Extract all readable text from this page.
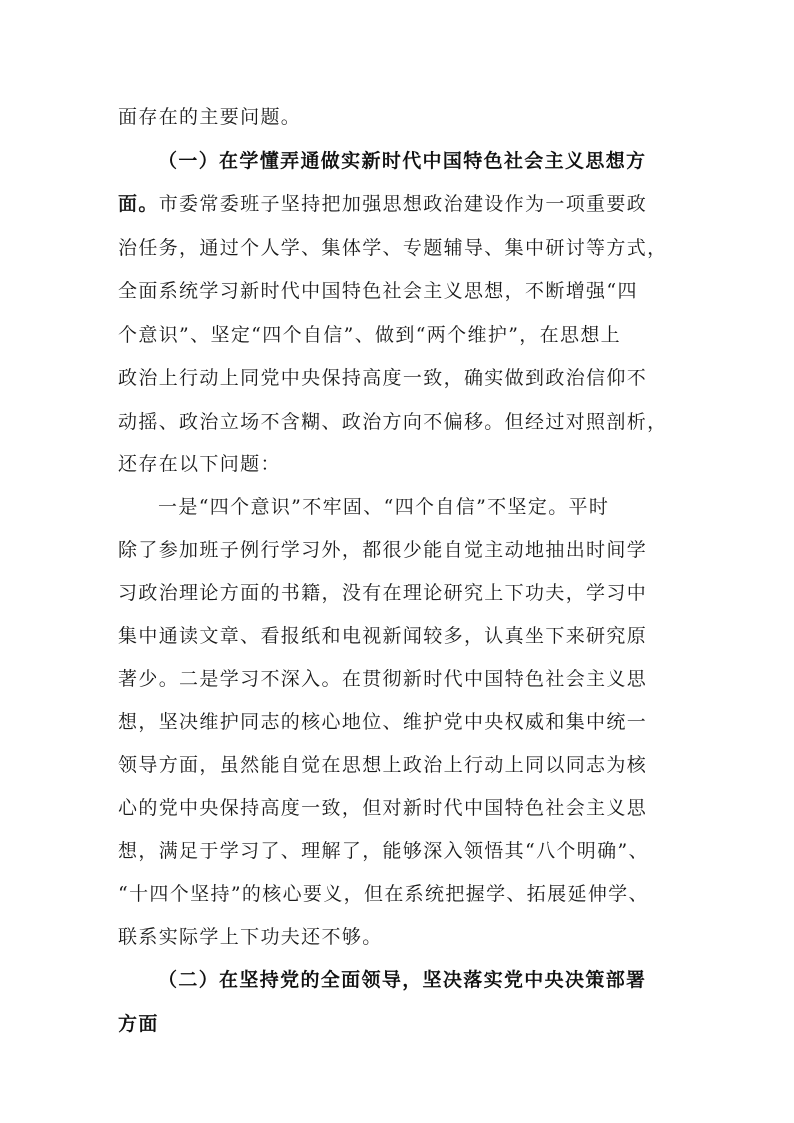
面存在的主要问题。
（一）在学懂弄通做实新时代中国特色社会主义思想方
面。市委常委班子坚持把加强思想政治建设作为一项重要政
治任务，通过个人学、集体学、专题辅导、集中研讨等方式，
全面系统学习新时代中国特色社会主义思想，不断增强“四
个意识”、坚定“四个自信”、做到“两个维护”，在思想上
政治上行动上同党中央保持高度一致，确实做到政治信仰不
动摇、政治立场不含糊、政治方向不偏移。但经过对照剖析，
还存在以下问题：
一是“四个意识”不牢固、“四个自信”不坚定。平时
除了参加班子例行学习外，都很少能自觉主动地抽出时间学
习政治理论方面的书籍，没有在理论研究上下功夫，学习中
集中通读文章、看报纸和电视新闻较多，认真坐下来研究原
著少。二是学习不深入。在贯彻新时代中国特色社会主义思
想，坚决维护同志的核心地位、维护党中央权威和集中统一
领导方面，虽然能自觉在思想上政治上行动上同以同志为核
心的党中央保持高度一致，但对新时代中国特色社会主义思
想，满足于学习了、理解了，能够深入领悟其“八个明确”、
“十四个坚持”的核心要义，但在系统把握学、拓展延伸学、
联系实际学上下功夫还不够。
（二）在坚持党的全面领导，坚决落实党中央决策部署
方面
